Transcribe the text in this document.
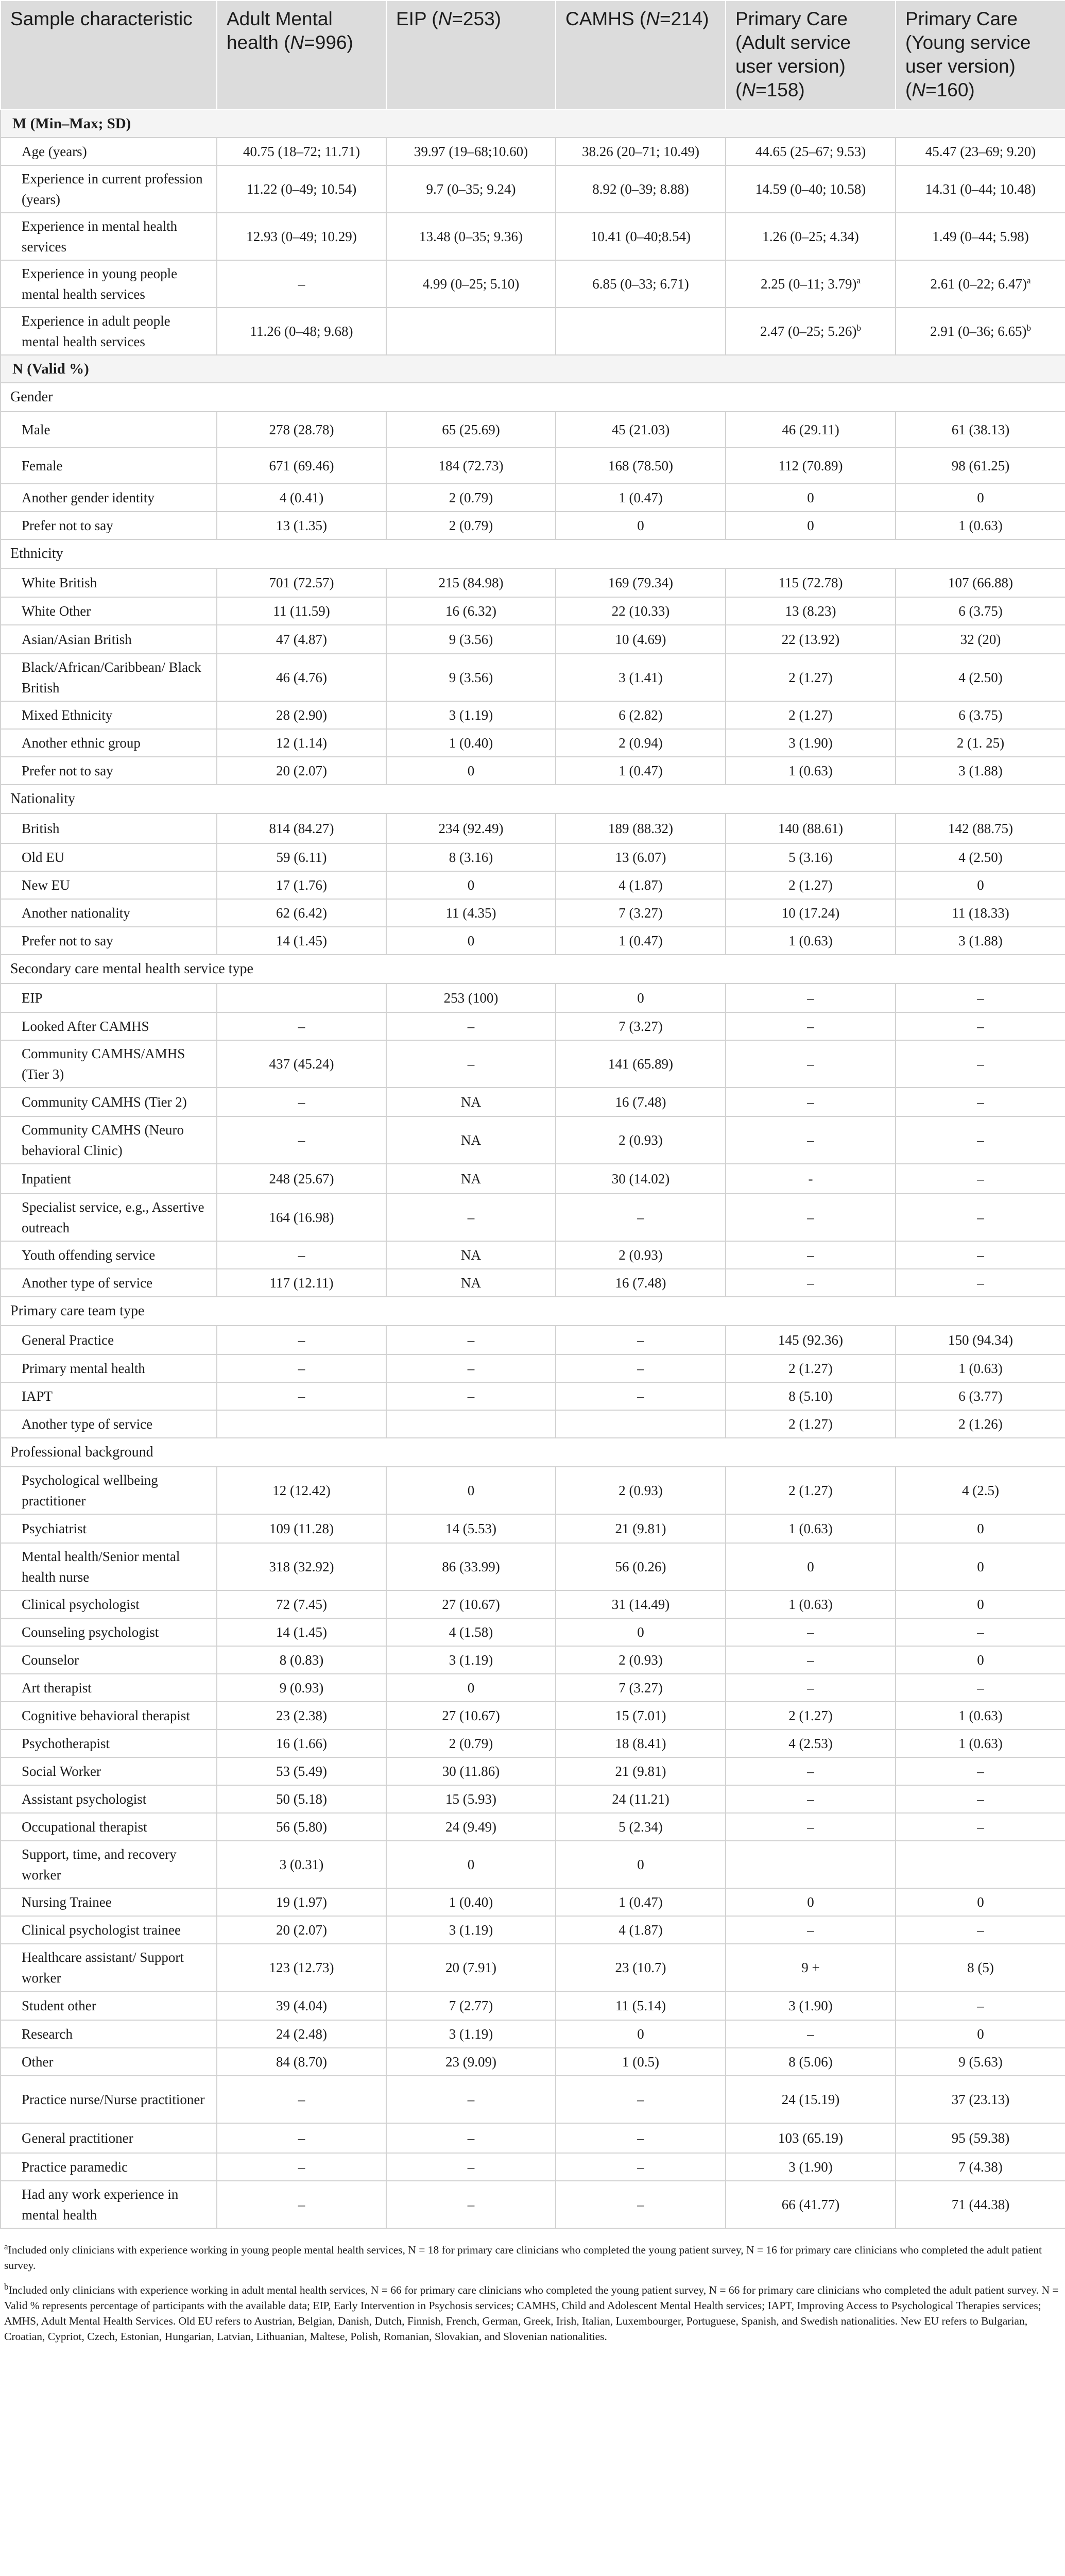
Sample characteristic	Adult Mental health (N=996)	EIP (N=253)	CAMHS (N=214)	Primary Care (Adult service user version) (N=158)	Primary Care (Young service user version) (N=160)
M (Min–Max; SD)					
Age (years)	40.75 (18–72; 11.71)	39.97 (19–68;10.60)	38.26 (20–71; 10.49)	44.65 (25–67; 9.53)	45.47 (23–69; 9.20)
Experience in current profession (years)	11.22 (0–49; 10.54)	9.7 (0–35; 9.24)	8.92 (0–39; 8.88)	14.59 (0–40; 10.58)	14.31 (0–44; 10.48)
Experience in mental health services	12.93 (0–49; 10.29)	13.48 (0–35; 9.36)	10.41 (0–40;8.54)	1.26 (0–25; 4.34)	1.49 (0–44; 5.98)
Experience in young people mental health services	–	4.99 (0–25; 5.10)	6.85 (0–33; 6.71)	2.25 (0–11; 3.79)$^a$	2.61 (0–22; 6.47)$^a$
Experience in adult people mental health services	11.26 (0–48; 9.68)			2.47 (0–25; 5.26)$^b$	2.91 (0–36; 6.65)$^b$
N (Valid %)					
Gender					
Male	278 (28.78)	65 (25.69)	45 (21.03)	46 (29.11)	61 (38.13)
Female	671 (69.46)	184 (72.73)	168 (78.50)	112 (70.89)	98 (61.25)
Another gender identity	4 (0.41)	2 (0.79)	1 (0.47)	0	0
Prefer not to say	13 (1.35)	2 (0.79)	0	0	1 (0.63)
Ethnicity					
White British	701 (72.57)	215 (84.98)	169 (79.34)	115 (72.78)	107 (66.88)
White Other	11 (11.59)	16 (6.32)	22 (10.33)	13 (8.23)	6 (3.75)
Asian/Asian British	47 (4.87)	9 (3.56)	10 (4.69)	22 (13.92)	32 (20)
Black/African/Caribbean/ Black British	46 (4.76)	9 (3.56)	3 (1.41)	2 (1.27)	4 (2.50)
Mixed Ethnicity	28 (2.90)	3 (1.19)	6 (2.82)	2 (1.27)	6 (3.75)
Another ethnic group	12 (1.14)	1 (0.40)	2 (0.94)	3 (1.90)	2 (1. 25)
Prefer not to say	20 (2.07)	0	1 (0.47)	1 (0.63)	3 (1.88)
Nationality					
British	814 (84.27)	234 (92.49)	189 (88.32)	140 (88.61)	142 (88.75)
Old EU	59 (6.11)	8 (3.16)	13 (6.07)	5 (3.16)	4 (2.50)
New EU	17 (1.76)	0	4 (1.87)	2 (1.27)	0
Another nationality	62 (6.42)	11 (4.35)	7 (3.27)	10 (17.24)	11 (18.33)
Prefer not to say	14 (1.45)	0	1 (0.47)	1 (0.63)	3 (1.88)
Secondary care mental health service type					
EIP		253 (100)	0	–	–
Looked After CAMHS	–	–	7 (3.27)	–	–
Community CAMHS/AMHS (Tier 3)	437 (45.24)	–	141 (65.89)	–	–
Community CAMHS (Tier 2)	–	NA	16 (7.48)	–	–
Community CAMHS (Neuro behavioral Clinic)	–	NA	2 (0.93)	–	–
Inpatient	248 (25.67)	NA	30 (14.02)	-	–
Specialist service, e.g., Assertive outreach	164 (16.98)	–	–	–	–
Youth offending service	–	NA	2 (0.93)	–	–
Another type of service	117 (12.11)	NA	16 (7.48)	–	–
Primary care team type					
General Practice	–	–	–	145 (92.36)	150 (94.34)
Primary mental health	–	–	–	2 (1.27)	1 (0.63)
IAPT	–	–	–	8 (5.10)	6 (3.77)
Another type of service				2 (1.27)	2 (1.26)
Professional background					
Psychological wellbeing practitioner	12 (12.42)	0	2 (0.93)	2 (1.27)	4 (2.5)
Psychiatrist	109 (11.28)	14 (5.53)	21 (9.81)	1 (0.63)	0
Mental health/Senior mental health nurse	318 (32.92)	86 (33.99)	56 (0.26)	0	0
Clinical psychologist	72 (7.45)	27 (10.67)	31 (14.49)	1 (0.63)	0
Counseling psychologist	14 (1.45)	4 (1.58)	0	–	–
Counselor	8 (0.83)	3 (1.19)	2 (0.93)	–	0
Art therapist	9 (0.93)	0	7 (3.27)	–	–
Cognitive behavioral therapist	23 (2.38)	27 (10.67)	15 (7.01)	2 (1.27)	1 (0.63)
Psychotherapist	16 (1.66)	2 (0.79)	18 (8.41)	4 (2.53)	1 (0.63)
Social Worker	53 (5.49)	30 (11.86)	21 (9.81)	–	–
Assistant psychologist	50 (5.18)	15 (5.93)	24 (11.21)	–	–
Occupational therapist	56 (5.80)	24 (9.49)	5 (2.34)	–	–
Support, time, and recovery worker	3 (0.31)	0	0		
Nursing Trainee	19 (1.97)	1 (0.40)	1 (0.47)	0	0
Clinical psychologist trainee	20 (2.07)	3 (1.19)	4 (1.87)	–	–
Healthcare assistant/ Support worker	123 (12.73)	20 (7.91)	23 (10.7)	9 +	8 (5)
Student other	39 (4.04)	7 (2.77)	11 (5.14)	3 (1.90)	–
Research	24 (2.48)	3 (1.19)	0	–	0
Other	84 (8.70)	23 (9.09)	1 (0.5)	8 (5.06)	9 (5.63)
Practice nurse/Nurse practitioner	–	–	–	24 (15.19)	37 (23.13)
General practitioner	–	–	–	103 (65.19)	95 (59.38)
Practice paramedic	–	–	–	3 (1.90)	7 (4.38)
Had any work experience in mental health	–	–	–	66 (41.77)	71 (44.38)

$^a$Included only clinicians with experience working in young people mental health services, N = 18 for primary care clinicians who completed the young patient survey, N = 16 for primary care clinicians who completed the adult patient survey.

$^b$Included only clinicians with experience working in adult mental health services, N = 66 for primary care clinicians who completed the young patient survey, N = 66 for primary care clinicians who completed the adult patient survey. N = Valid % represents percentage of participants with the available data; EIP, Early Intervention in Psychosis services; CAMHS, Child and Adolescent Mental Health services; IAPT, Improving Access to Psychological Therapies services; AMHS, Adult Mental Health Services. Old EU refers to Austrian, Belgian, Danish, Dutch, Finnish, French, German, Greek, Irish, Italian, Luxembourger, Portuguese, Spanish, and Swedish nationalities. New EU refers to Bulgarian, Croatian, Cypriot, Czech, Estonian, Hungarian, Latvian, Lithuanian, Maltese, Polish, Romanian, Slovakian, and Slovenian nationalities.
